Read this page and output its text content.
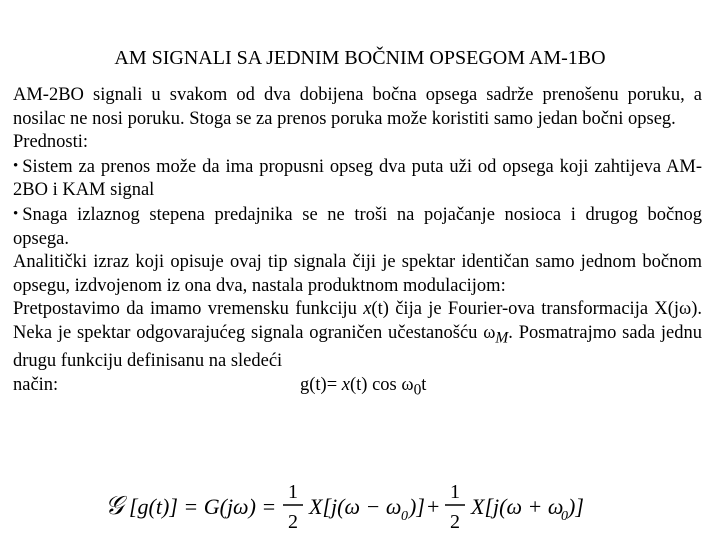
AM SIGNALI SA JEDNIM BOČNIM OPSEGOM AM-1BO

AM-2BO signali u svakom od dva dobijena bočna opsega sadrže prenošenu poruku, a nosilac ne nosi poruku. Stoga se za prenos poruka može koristiti samo jedan bočni opseg.

Prednosti:

• Sistem za prenos može da ima propusni opseg dva puta uži od opsega koji zahtijeva AM-2BO i KAM signal

• Snaga izlaznog stepena predajnika se ne troši na pojačanje nosioca i drugog bočnog opsega.

Analitički izraz koji opisuje ovaj tip signala čiji je spektar identičan samo jednom bočnom opsegu, izdvojenom iz ona dva, nastala produktnom modulacijom:

Pretpostavimo da imamo vremensku funkciju x(t) čija je Fourier-ova transformacija X(jω). Neka je spektar odgovarajućeg signala ograničen učestanošću $\omega_M$. Posmatrajmo sada jednu drugu funkciju definisanu na sledeći

način:	g(t)= x(t) $\cos \omega_0t$
𝒢 [g(t)] = G(jω) =
1
2
X[j(ω − ω 0 )] +
1
2
X[j(ω + ω
0 )]
